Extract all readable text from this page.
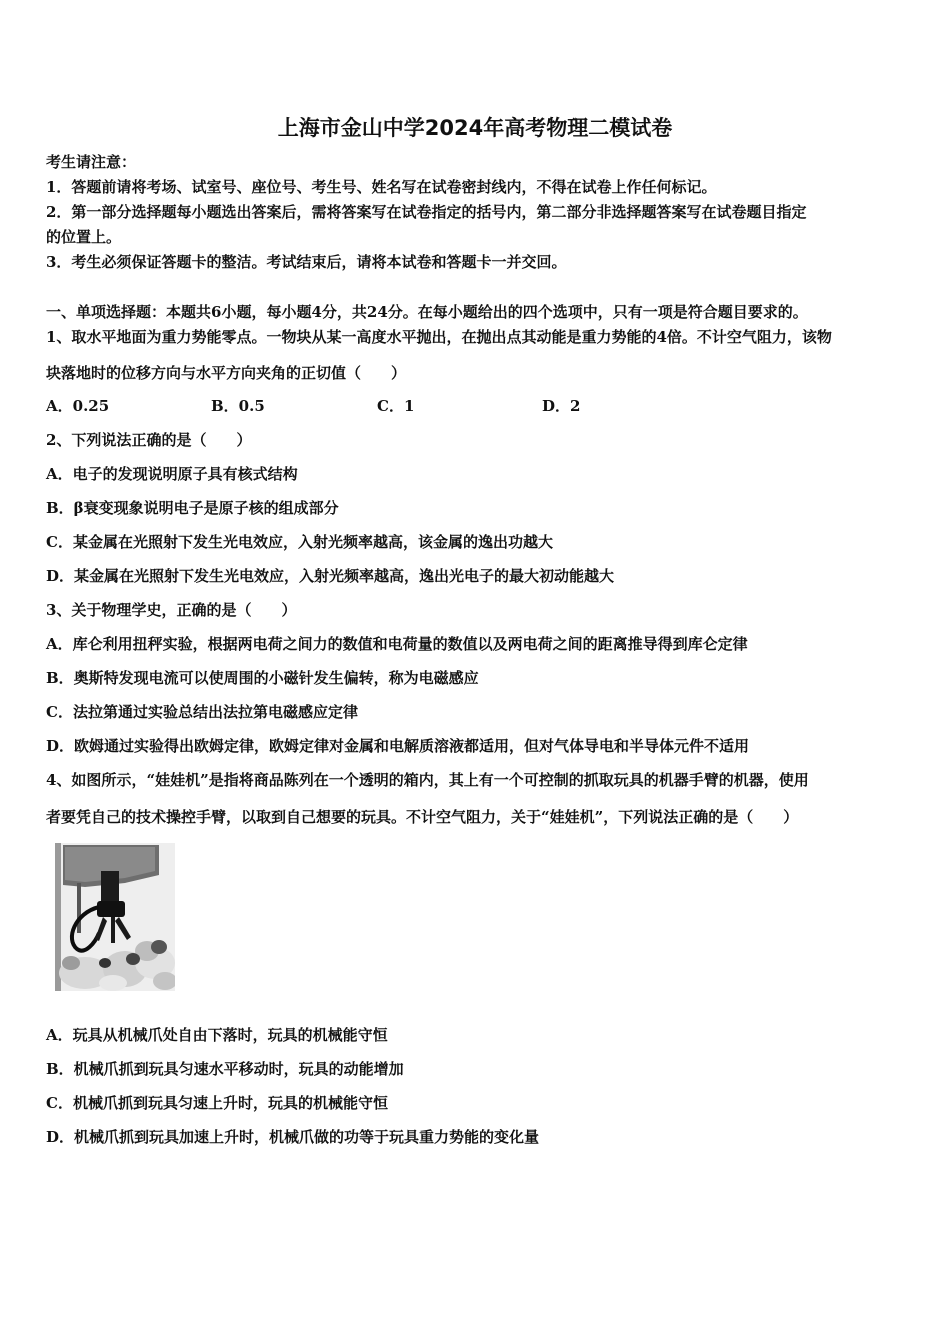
上海市金山中学2024年高考物理二模试卷
考生请注意：
1．答题前请将考场、试室号、座位号、考生号、姓名写在试卷密封线内，不得在试卷上作任何标记。
2．第一部分选择题每小题选出答案后，需将答案写在试卷指定的括号内，第二部分非选择题答案写在试卷题目指定
的位置上。
3．考生必须保证答题卡的整洁。考试结束后，请将本试卷和答题卡一并交回。
一、单项选择题：本题共6小题，每小题4分，共24分。在每小题给出的四个选项中，只有一项是符合题目要求的。
1、取水平地面为重力势能零点。一物块从某一高度水平抛出，在抛出点其动能是重力势能的4倍。不计空气阻力，该物
块落地时的位移方向与水平方向夹角的正切值（　　）
A．0.25	B．0.5	C．1	D．2
2、下列说法正确的是（　　）
A．电子的发现说明原子具有核式结构
B．β衰变现象说明电子是原子核的组成部分
C．某金属在光照射下发生光电效应，入射光频率越高，该金属的逸出功越大
D．某金属在光照射下发生光电效应，入射光频率越高，逸出光电子的最大初动能越大
3、关于物理学史，正确的是（　　）
A．库仑利用扭秤实验，根据两电荷之间力的数值和电荷量的数值以及两电荷之间的距离推导得到库仑定律
B．奥斯特发现电流可以使周围的小磁针发生偏转，称为电磁感应
C．法拉第通过实验总结出法拉第电磁感应定律
D．欧姆通过实验得出欧姆定律，欧姆定律对金属和电解质溶液都适用，但对气体导电和半导体元件不适用
4、如图所示，“娃娃机”是指将商品陈列在一个透明的箱内，其上有一个可控制的抓取玩具的机器手臂的机器，使用
者要凭自己的技术操控手臂，以取到自己想要的玩具。不计空气阻力，关于“娃娃机”，下列说法正确的是（　　）
A．玩具从机械爪处自由下落时，玩具的机械能守恒
B．机械爪抓到玩具匀速水平移动时，玩具的动能增加
C．机械爪抓到玩具匀速上升时，玩具的机械能守恒
D．机械爪抓到玩具加速上升时，机械爪做的功等于玩具重力势能的变化量
